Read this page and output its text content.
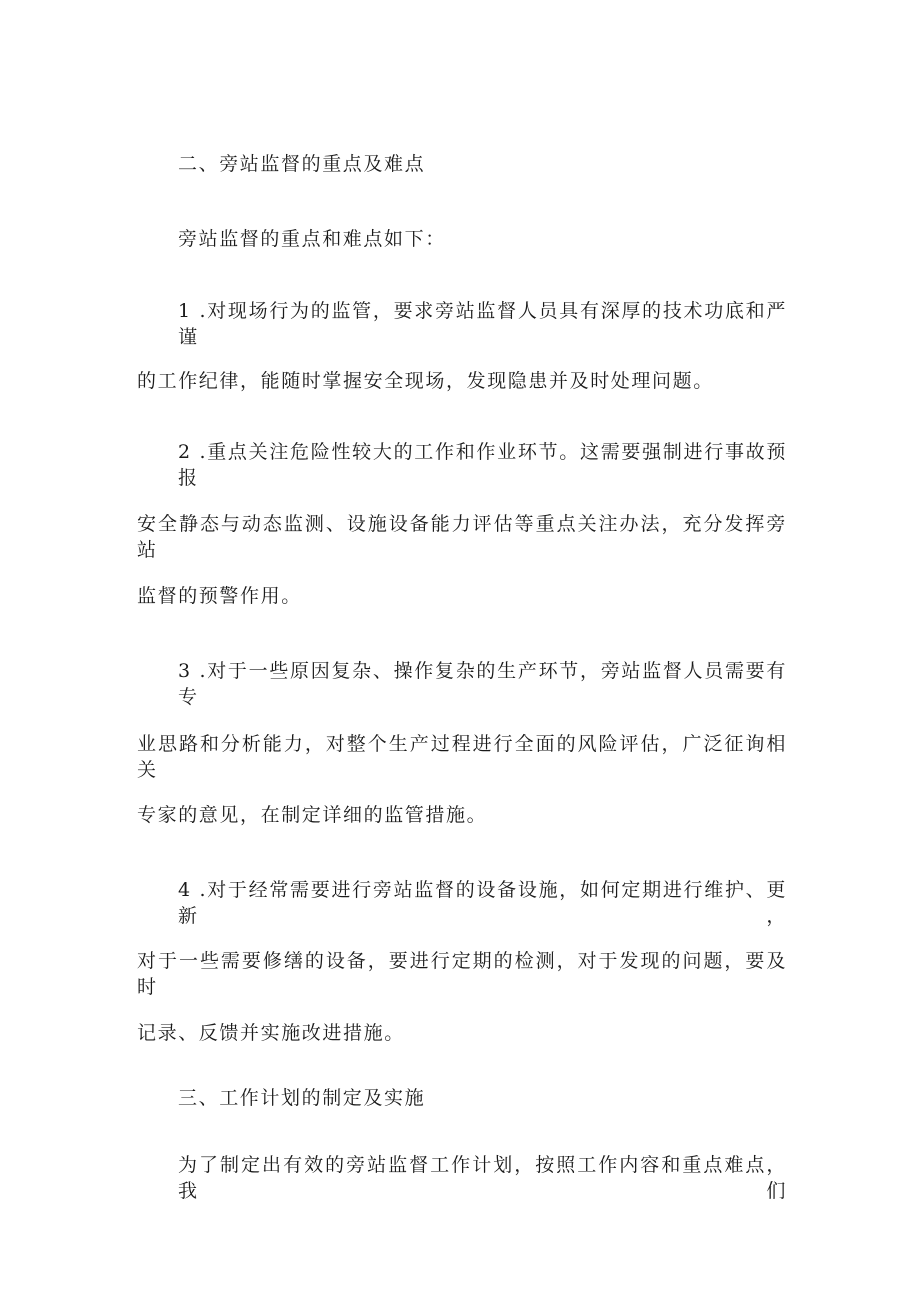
二、旁站监督的重点及难点
旁站监督的重点和难点如下：
1 .对现场行为的监管，要求旁站监督人员具有深厚的技术功底和严谨
的工作纪律，能随时掌握安全现场，发现隐患并及时处理问题。
2 .重点关注危险性较大的工作和作业环节。这需要强制进行事故预报
安全静态与动态监测、设施设备能力评估等重点关注办法，充分发挥旁站
监督的预警作用。
3 .对于一些原因复杂、操作复杂的生产环节，旁站监督人员需要有专
业思路和分析能力，对整个生产过程进行全面的风险评估，广泛征询相关
专家的意见，在制定详细的监管措施。
4 .对于经常需要进行旁站监督的设备设施，如何定期进行维护、更新，
对于一些需要修缮的设备，要进行定期的检测，对于发现的问题，要及时
记录、反馈并实施改进措施。
三、工作计划的制定及实施
为了制定出有效的旁站监督工作计划，按照工作内容和重点难点，我们
